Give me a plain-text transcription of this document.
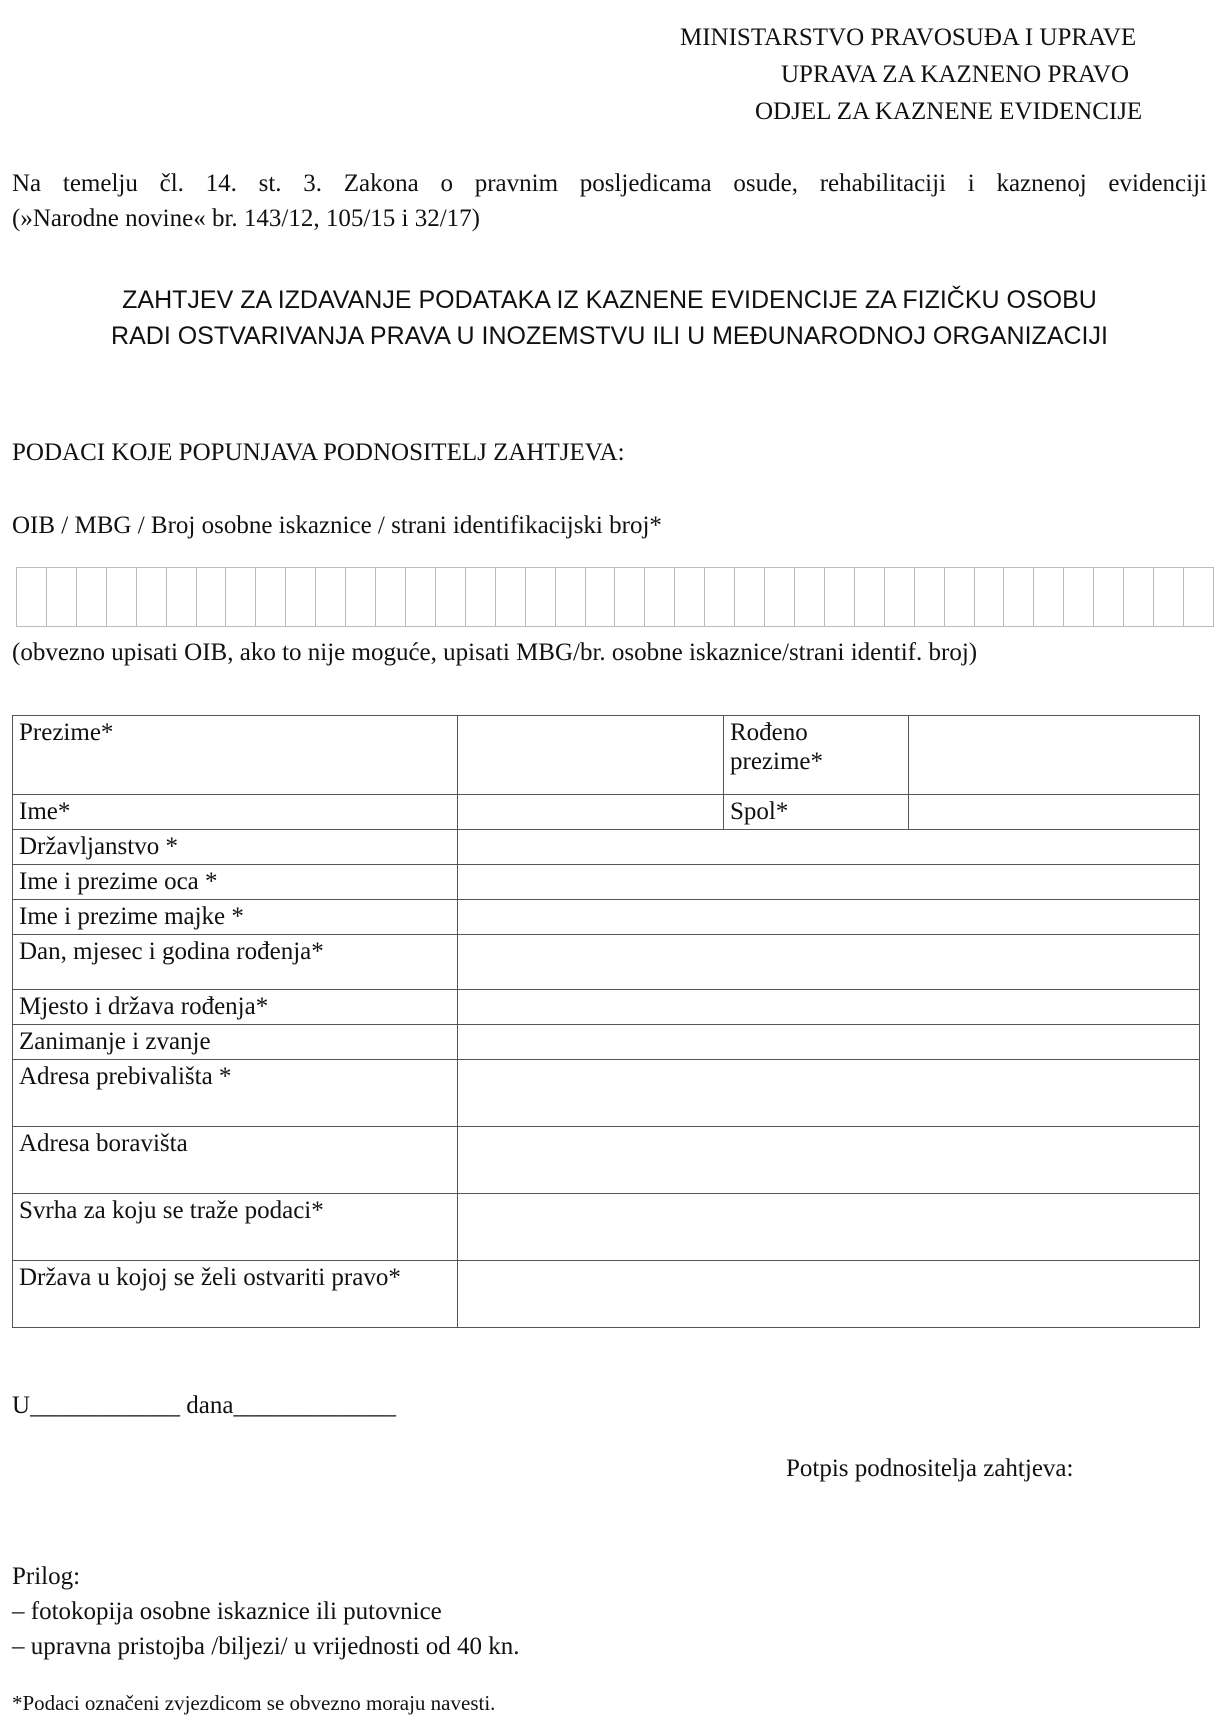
MINISTARSTVO PRAVOSUĐA I UPRAVE
UPRAVA ZA KAZNENO PRAVO
ODJEL ZA KAZNENE EVIDENCIJE
Na temelju čl. 14. st. 3. Zakona o pravnim posljedicama osude, rehabilitaciji i kaznenoj evidenciji
(»Narodne novine« br. 143/12, 105/15 i 32/17)
ZAHTJEV ZA IZDAVANJE PODATAKA IZ KAZNENE EVIDENCIJE ZA FIZIČKU OSOBU
RADI OSTVARIVANJA PRAVA U INOZEMSTVU ILI U MEĐUNARODNOJ ORGANIZACIJI
PODACI KOJE POPUNJAVA PODNOSITELJ ZAHTJEVA:
OIB / MBG / Broj osobne iskaznice / strani identifikacijski broj*
(obvezno upisati OIB, ako to nije moguće, upisati MBG/br. osobne iskaznice/strani identif. broj)
Prezime*		Rođeno
prezime*	

Ime*		Spol*	
Državljanstvo *			
Ime i prezime oca *			
Ime i prezime majke *			
Dan, mjesec i godina rođenja*			
Mjesto i država rođenja*			
Zanimanje i zvanje			
Adresa prebivališta *			
Adresa boravišta			
Svrha za koju se traže podaci*			
Država u kojoj se želi ostvariti pravo*			
U____________ dana_____________
Potpis podnositelja zahtjeva:
Prilog:
– fotokopija osobne iskaznice ili putovnice
– upravna pristojba /biljezi/ u vrijednosti od 40 kn.
*Podaci označeni zvjezdicom se obvezno moraju navesti.
